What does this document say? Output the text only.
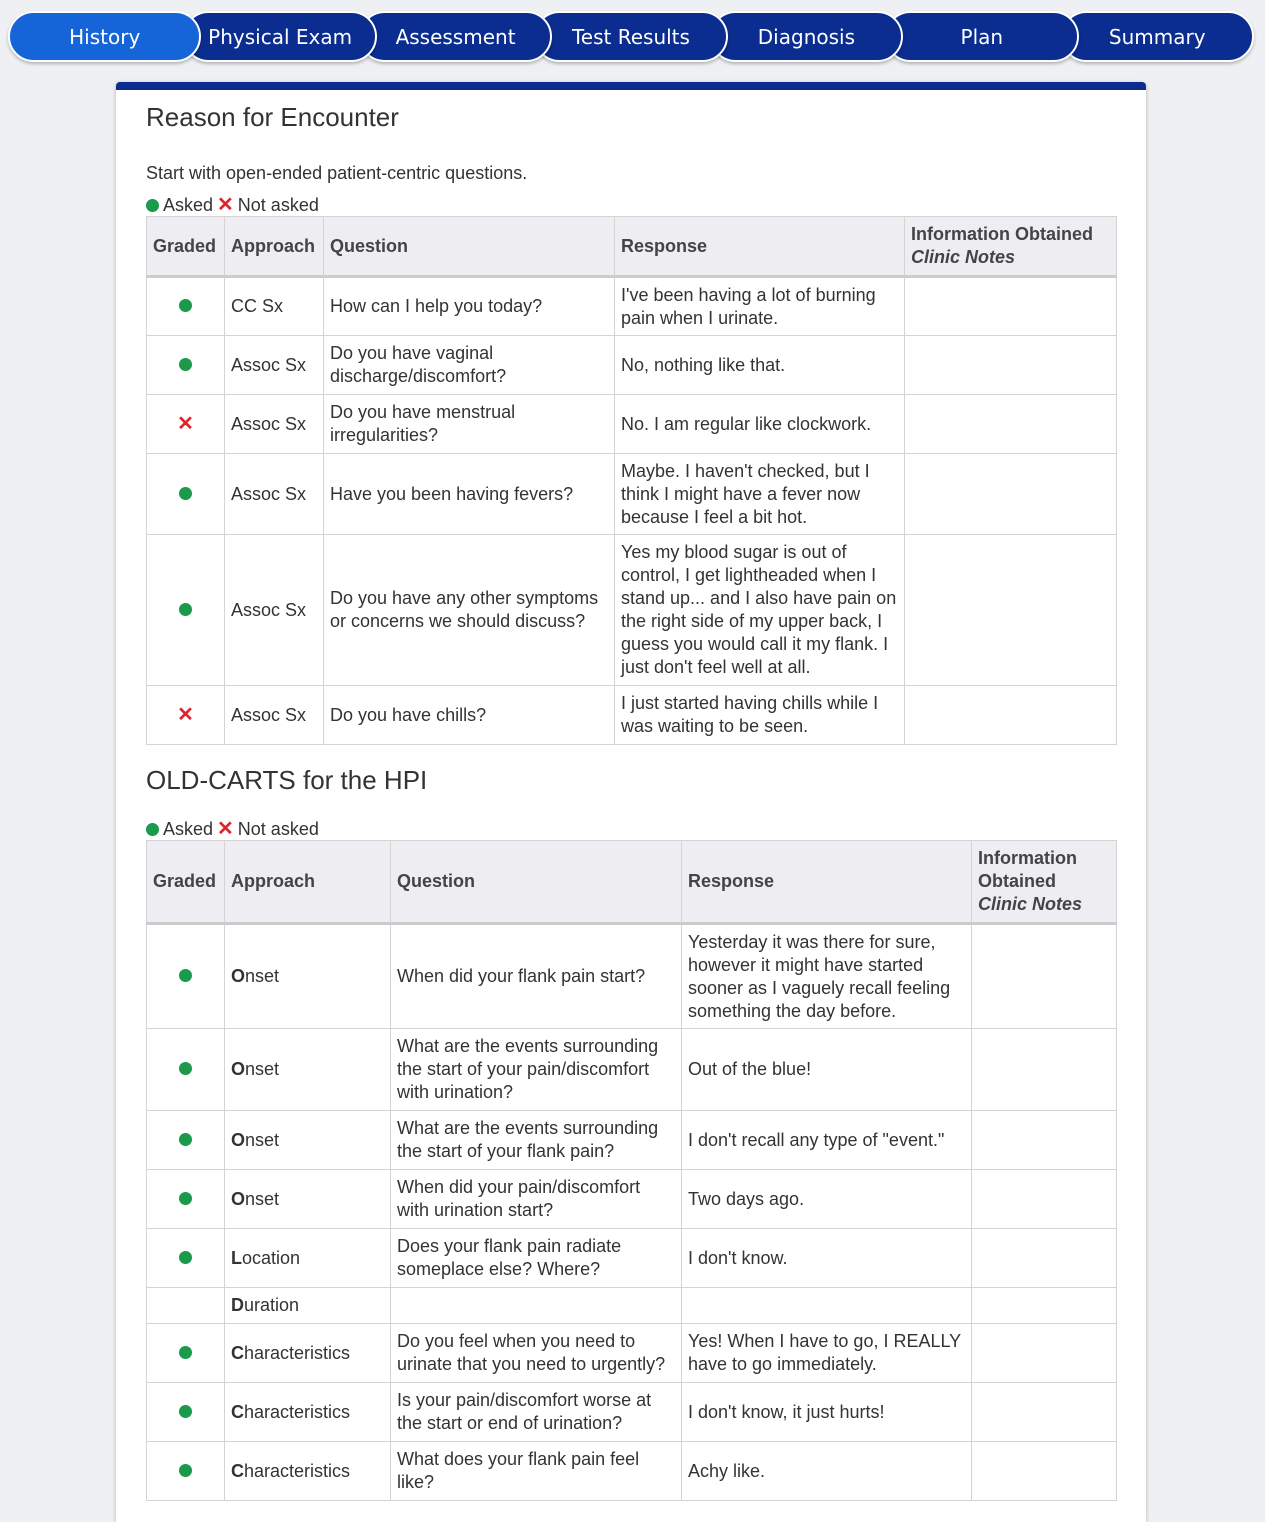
History	Physical Exam	Assessment	Test Results	Diagnosis	Plan	Summary
Reason for Encounter
Start with open-ended patient-centric questions.
Asked ✕ Not asked
Graded	Approach	Question	Response	Information Obtained
Clinic Notes
	CC Sx	How can I help you today?	I've been having a lot of burning pain when I urinate.	
	Assoc Sx	Do you have vaginal discharge/discomfort?	No, nothing like that.	
✕	Assoc Sx	Do you have menstrual irregularities?	No. I am regular like clockwork.	
	Assoc Sx	Have you been having fevers?	Maybe. I haven't checked, but I think I might have a fever now because I feel a bit hot.	
	Assoc Sx	Do you have any other symptoms or concerns we should discuss?	Yes my blood sugar is out of control, I get lightheaded when I stand up... and I also have pain on the right side of my upper back, I guess you would call it my flank. I just don't feel well at all.	
✕	Assoc Sx	Do you have chills?	I just started having chills while I was waiting to be seen.	
OLD-CARTS for the HPI
Asked ✕ Not asked
Graded	Approach	Question	Response	Information Obtained
Clinic Notes
	Onset	When did your flank pain start?	Yesterday it was there for sure, however it might have started sooner as I vaguely recall feeling something the day before.	
	Onset	What are the events surrounding the start of your pain/discomfort with urination?	Out of the blue!	
	Onset	What are the events surrounding the start of your flank pain?	I don't recall any type of "event."	
	Onset	When did your pain/discomfort with urination start?	Two days ago.	
	Location	Does your flank pain radiate someplace else? Where?	I don't know.	
	Duration			
	Characteristics	Do you feel when you need to urinate that you need to urgently?	Yes! When I have to go, I REALLY have to go immediately.	
	Characteristics	Is your pain/discomfort worse at the start or end of urination?	I don't know, it just hurts!	
	Characteristics	What does your flank pain feel like?	Achy like.	
